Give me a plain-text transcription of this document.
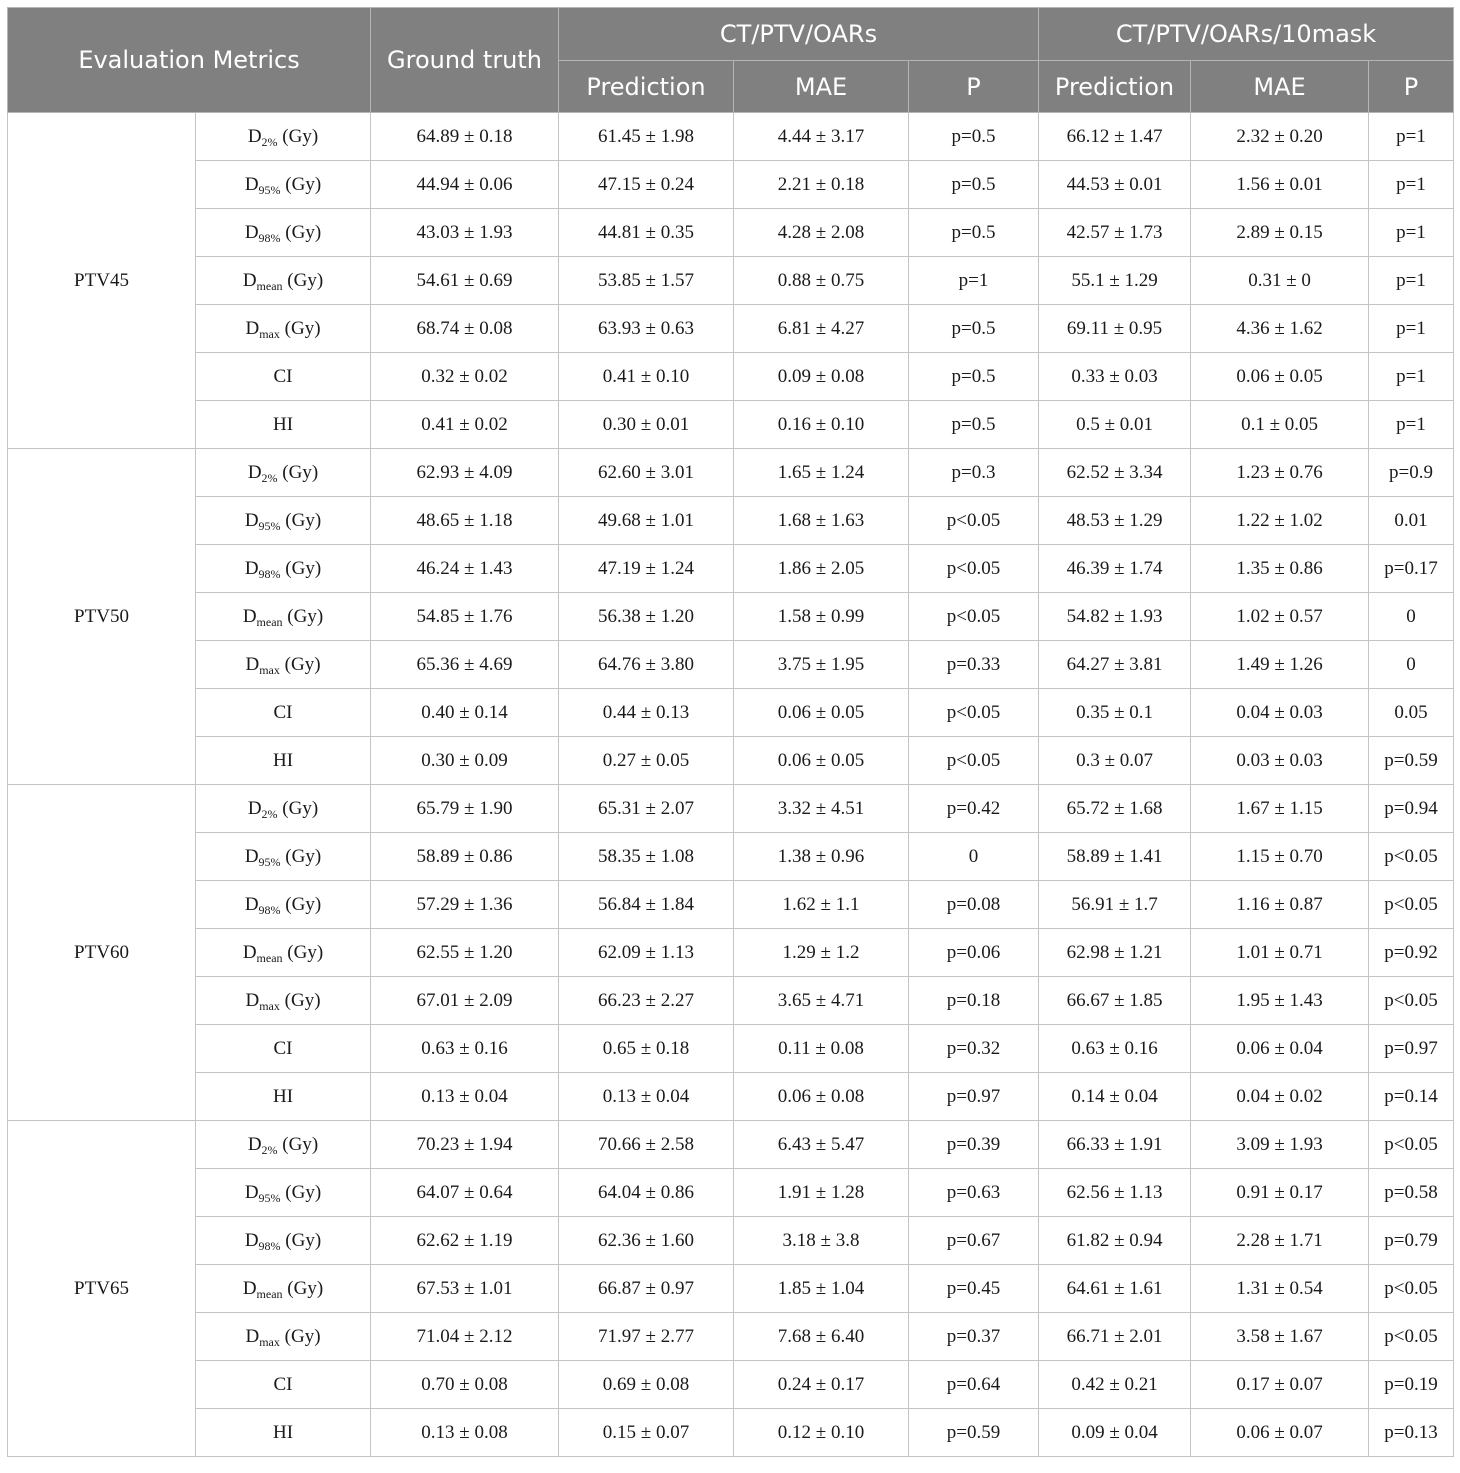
Evaluation Metrics		Ground truth	CT/PTV/OARs			CT/PTV/OARs/10mask		
			Prediction	MAE	P	Prediction	MAE	P
PTV45	$D_{2\%}$ (Gy)	64.89 ± 0.18	61.45 ± 1.98	4.44 ± 3.17	p=0.5	66.12 ± 1.47	2.32 ± 0.20	p=1
	$D_{95\%}$ (Gy)	44.94 ± 0.06	47.15 ± 0.24	2.21 ± 0.18	p=0.5	44.53 ± 0.01	1.56 ± 0.01	p=1
	$D_{98\%}$ (Gy)	43.03 ± 1.93	44.81 ± 0.35	4.28 ± 2.08	p=0.5	42.57 ± 1.73	2.89 ± 0.15	p=1
	$D_{mean}$ (Gy)	54.61 ± 0.69	53.85 ± 1.57	0.88 ± 0.75	p=1	55.1 ± 1.29	0.31 ± 0	p=1
	$D_{max}$ (Gy)	68.74 ± 0.08	63.93 ± 0.63	6.81 ± 4.27	p=0.5	69.11 ± 0.95	4.36 ± 1.62	p=1
	CI	0.32 ± 0.02	0.41 ± 0.10	0.09 ± 0.08	p=0.5	0.33 ± 0.03	0.06 ± 0.05	p=1
	HI	0.41 ± 0.02	0.30 ± 0.01	0.16 ± 0.10	p=0.5	0.5 ± 0.01	0.1 ± 0.05	p=1
PTV50	$D_{2\%}$ (Gy)	62.93 ± 4.09	62.60 ± 3.01	1.65 ± 1.24	p=0.3	62.52 ± 3.34	1.23 ± 0.76	p=0.9
	$D_{95\%}$ (Gy)	48.65 ± 1.18	49.68 ± 1.01	1.68 ± 1.63	p<0.05	48.53 ± 1.29	1.22 ± 1.02	0.01
	$D_{98\%}$ (Gy)	46.24 ± 1.43	47.19 ± 1.24	1.86 ± 2.05	p<0.05	46.39 ± 1.74	1.35 ± 0.86	p=0.17
	$D_{mean}$ (Gy)	54.85 ± 1.76	56.38 ± 1.20	1.58 ± 0.99	p<0.05	54.82 ± 1.93	1.02 ± 0.57	0
	$D_{max}$ (Gy)	65.36 ± 4.69	64.76 ± 3.80	3.75 ± 1.95	p=0.33	64.27 ± 3.81	1.49 ± 1.26	0
	CI	0.40 ± 0.14	0.44 ± 0.13	0.06 ± 0.05	p<0.05	0.35 ± 0.1	0.04 ± 0.03	0.05
	HI	0.30 ± 0.09	0.27 ± 0.05	0.06 ± 0.05	p<0.05	0.3 ± 0.07	0.03 ± 0.03	p=0.59
PTV60	$D_{2\%}$ (Gy)	65.79 ± 1.90	65.31 ± 2.07	3.32 ± 4.51	p=0.42	65.72 ± 1.68	1.67 ± 1.15	p=0.94
	$D_{95\%}$ (Gy)	58.89 ± 0.86	58.35 ± 1.08	1.38 ± 0.96	0	58.89 ± 1.41	1.15 ± 0.70	p<0.05
	$D_{98\%}$ (Gy)	57.29 ± 1.36	56.84 ± 1.84	1.62 ± 1.1	p=0.08	56.91 ± 1.7	1.16 ± 0.87	p<0.05
	$D_{mean}$ (Gy)	62.55 ± 1.20	62.09 ± 1.13	1.29 ± 1.2	p=0.06	62.98 ± 1.21	1.01 ± 0.71	p=0.92
	$D_{max}$ (Gy)	67.01 ± 2.09	66.23 ± 2.27	3.65 ± 4.71	p=0.18	66.67 ± 1.85	1.95 ± 1.43	p<0.05
	CI	0.63 ± 0.16	0.65 ± 0.18	0.11 ± 0.08	p=0.32	0.63 ± 0.16	0.06 ± 0.04	p=0.97
	HI	0.13 ± 0.04	0.13 ± 0.04	0.06 ± 0.08	p=0.97	0.14 ± 0.04	0.04 ± 0.02	p=0.14
PTV65	$D_{2\%}$ (Gy)	70.23 ± 1.94	70.66 ± 2.58	6.43 ± 5.47	p=0.39	66.33 ± 1.91	3.09 ± 1.93	p<0.05
	$D_{95\%}$ (Gy)	64.07 ± 0.64	64.04 ± 0.86	1.91 ± 1.28	p=0.63	62.56 ± 1.13	0.91 ± 0.17	p=0.58
	$D_{98\%}$ (Gy)	62.62 ± 1.19	62.36 ± 1.60	3.18 ± 3.8	p=0.67	61.82 ± 0.94	2.28 ± 1.71	p=0.79
	$D_{mean}$ (Gy)	67.53 ± 1.01	66.87 ± 0.97	1.85 ± 1.04	p=0.45	64.61 ± 1.61	1.31 ± 0.54	p<0.05
	$D_{max}$ (Gy)	71.04 ± 2.12	71.97 ± 2.77	7.68 ± 6.40	p=0.37	66.71 ± 2.01	3.58 ± 1.67	p<0.05
	CI	0.70 ± 0.08	0.69 ± 0.08	0.24 ± 0.17	p=0.64	0.42 ± 0.21	0.17 ± 0.07	p=0.19
	HI	0.13 ± 0.08	0.15 ± 0.07	0.12 ± 0.10	p=0.59	0.09 ± 0.04	0.06 ± 0.07	p=0.13
